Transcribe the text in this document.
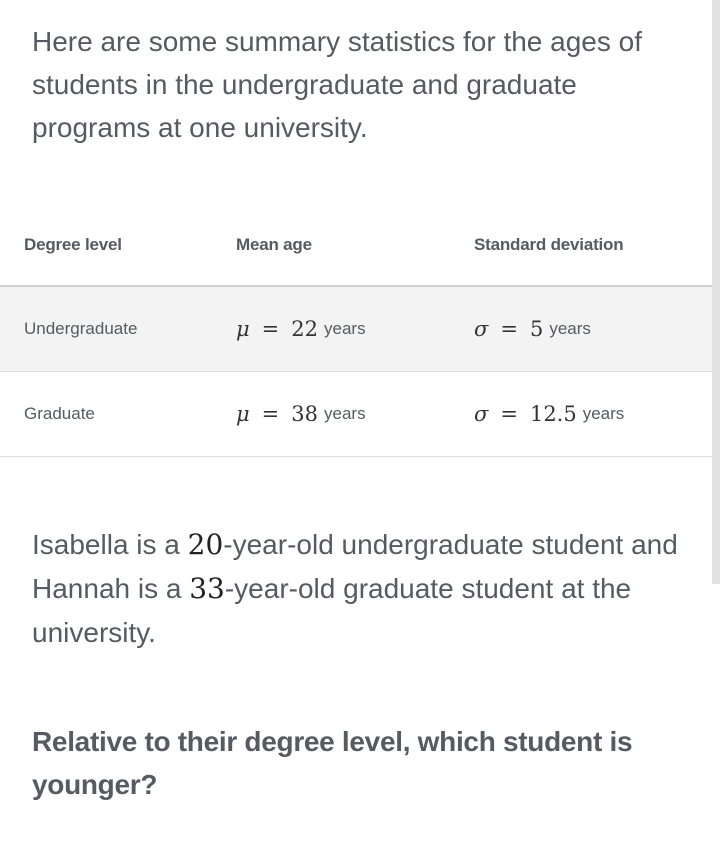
Here are some summary statistics for the ages of students in the undergraduate and graduate programs at one university.

Degree level	Mean age	Standard deviation
Undergraduate	μ = 22 years	σ = 5 years
Graduate	μ = 38 years	σ = 12.5 years

Isabella is a 20-year-old undergraduate student and Hannah is a 33-year-old graduate student at the university.

Relative to their degree level, which student is younger?
